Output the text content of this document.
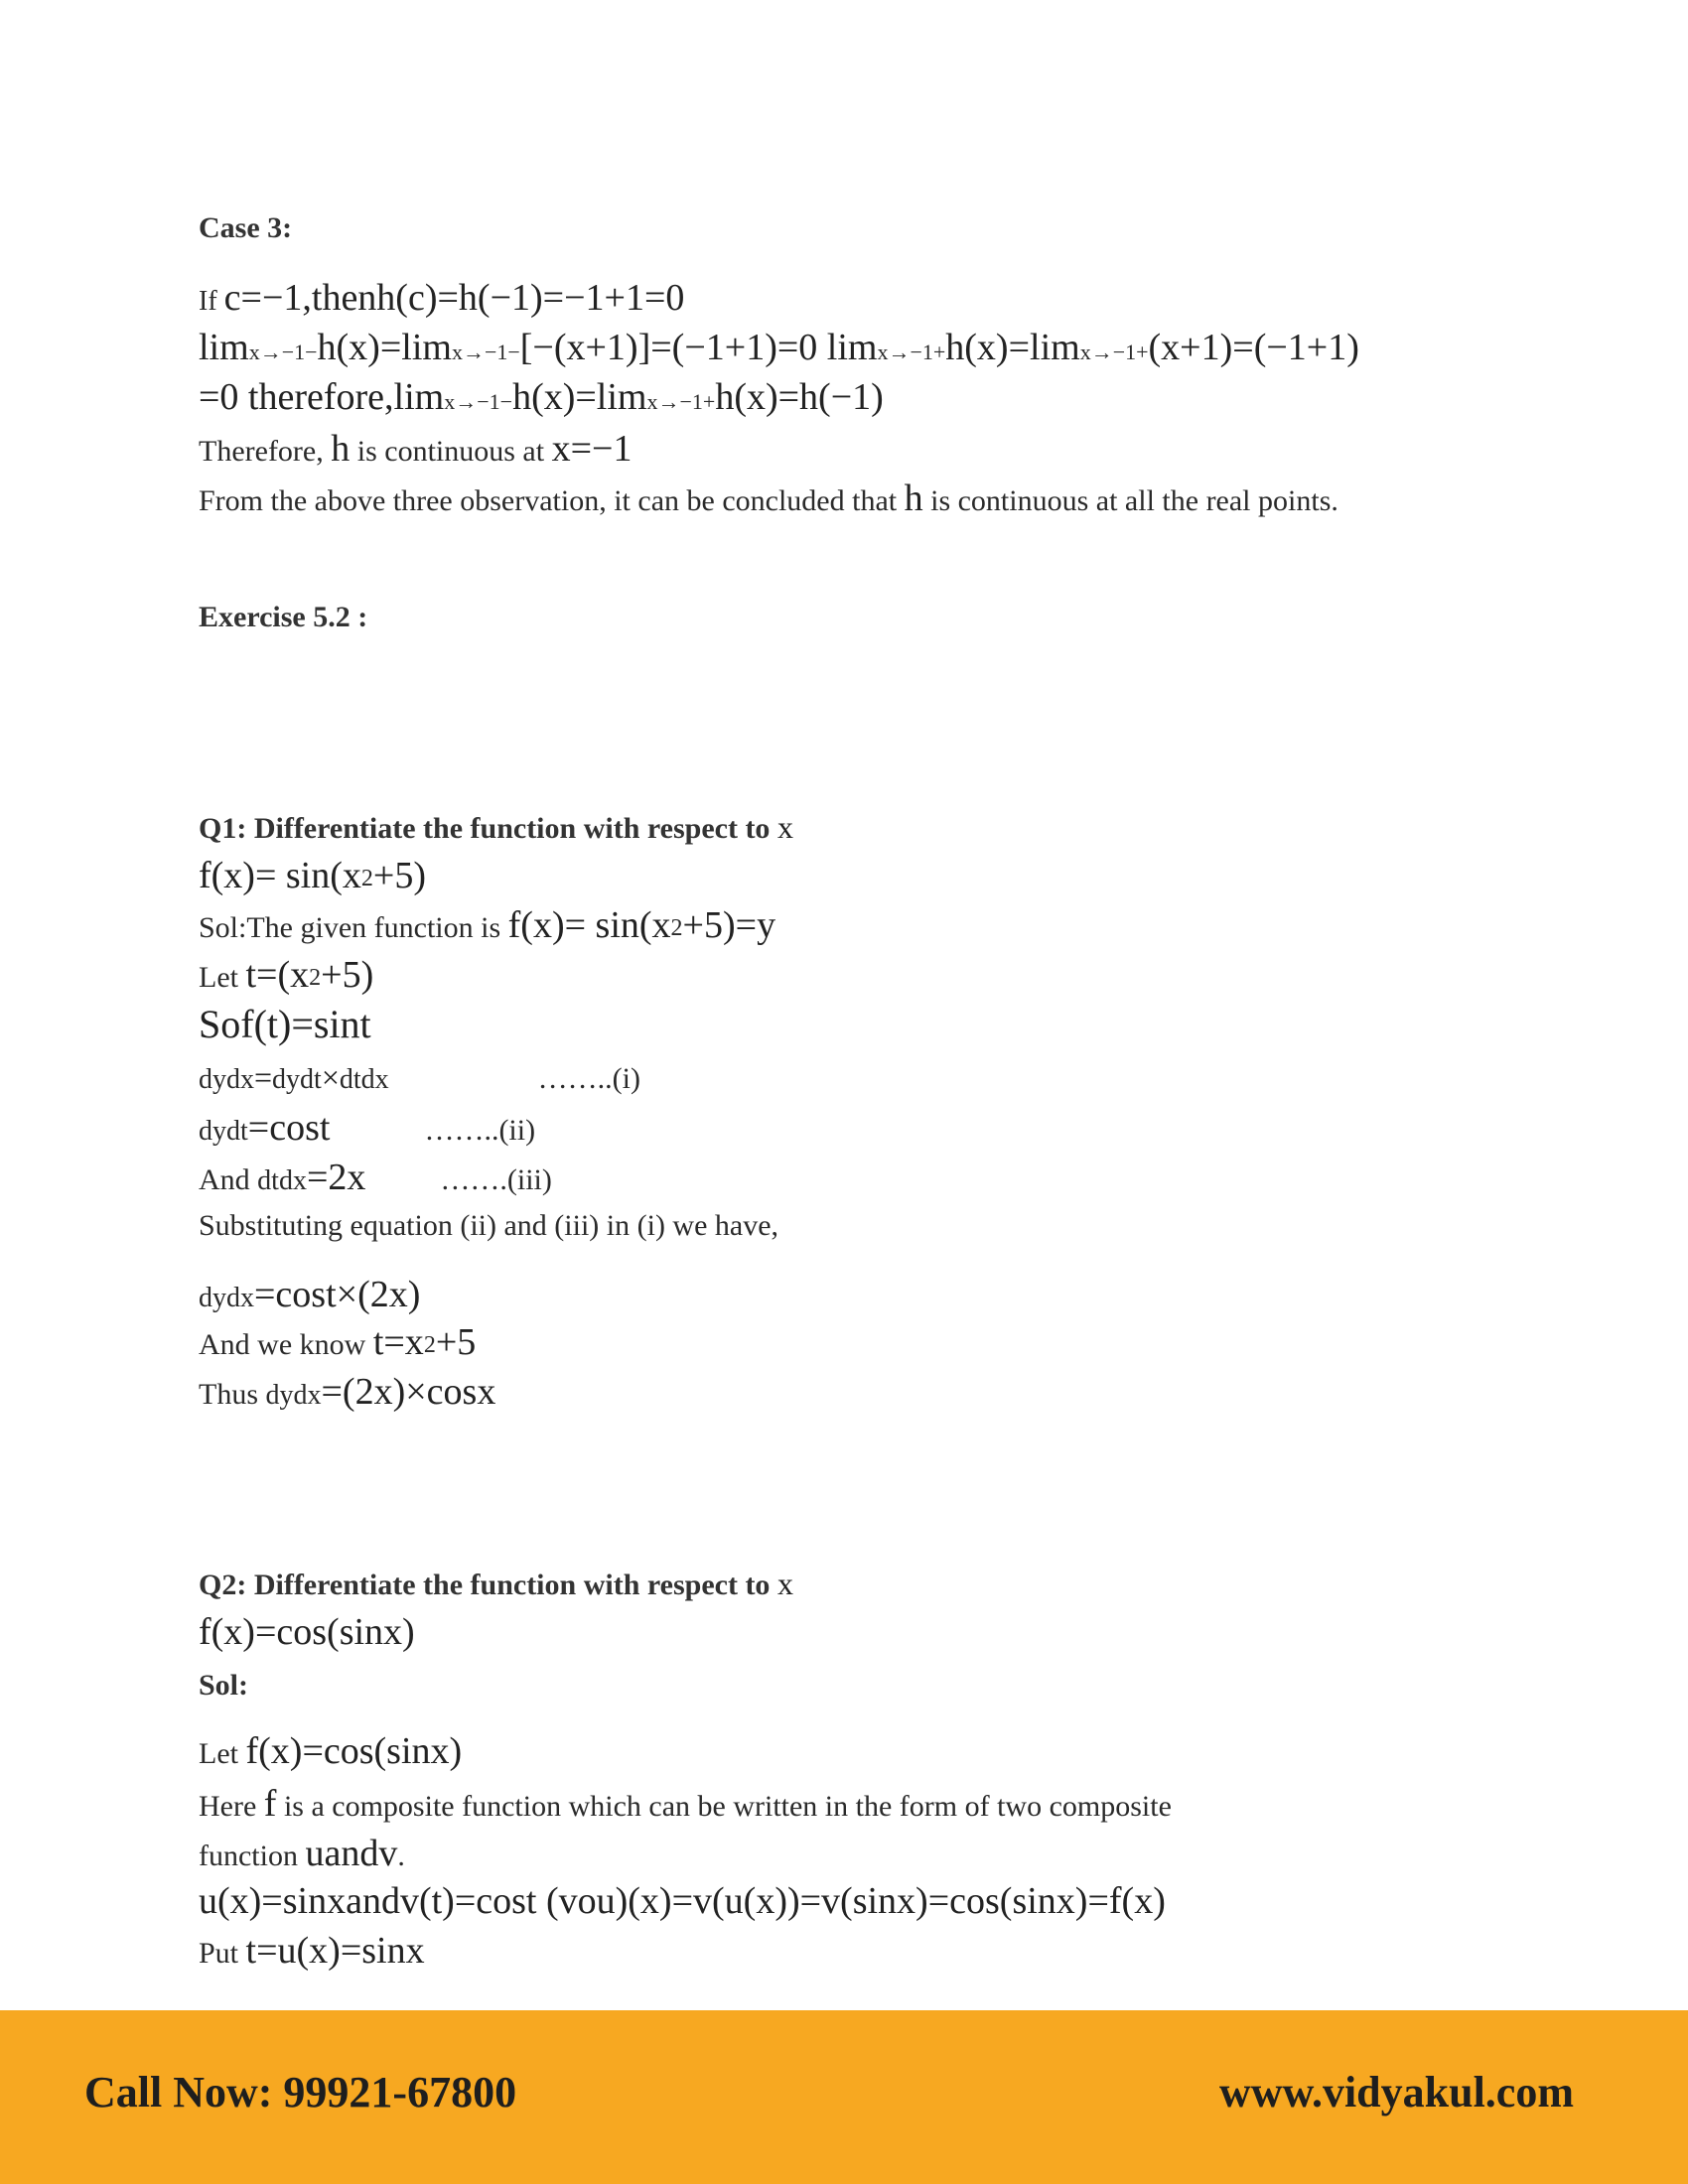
Case 3:
If c=−1,thenh(c)=h(−1)=−1+1=0
limx→−1−h(x)=limx→−1−[−(x+1)]=(−1+1)=0 limx→−1+h(x)=limx→−1+(x+1)=(−1+1)
=0 therefore,limx→−1−h(x)=limx→−1+h(x)=h(−1)
Therefore, h is continuous at x=−1
From the above three observation, it can be concluded that h is continuous at all the real points.
Exercise 5.2 :
Q1: Differentiate the function with respect to x
f(x)= sin(x2+5)
Sol:The given function is f(x)= sin(x2+5)=y
Let t=(x2+5)
Sof(t)=sint
dydx=dydt×dtdx	……..(i)
dydt=cost	……..(ii)
And dtdx=2x	…….(iii)
Substituting equation (ii) and (iii) in (i) we have,
dydx=cost×(2x)
And we know t=x2+5
Thus dydx=(2x)×cosx
Q2: Differentiate the function with respect to x
f(x)=cos(sinx)
Sol:
Let f(x)=cos(sinx)
Here f is a composite function which can be written in the form of two composite
function uandv.
u(x)=sinxandv(t)=cost (vou)(x)=v(u(x))=v(sinx)=cos(sinx)=f(x)
Put t=u(x)=sinx
Call Now: 99921-67800	www.vidyakul.com
